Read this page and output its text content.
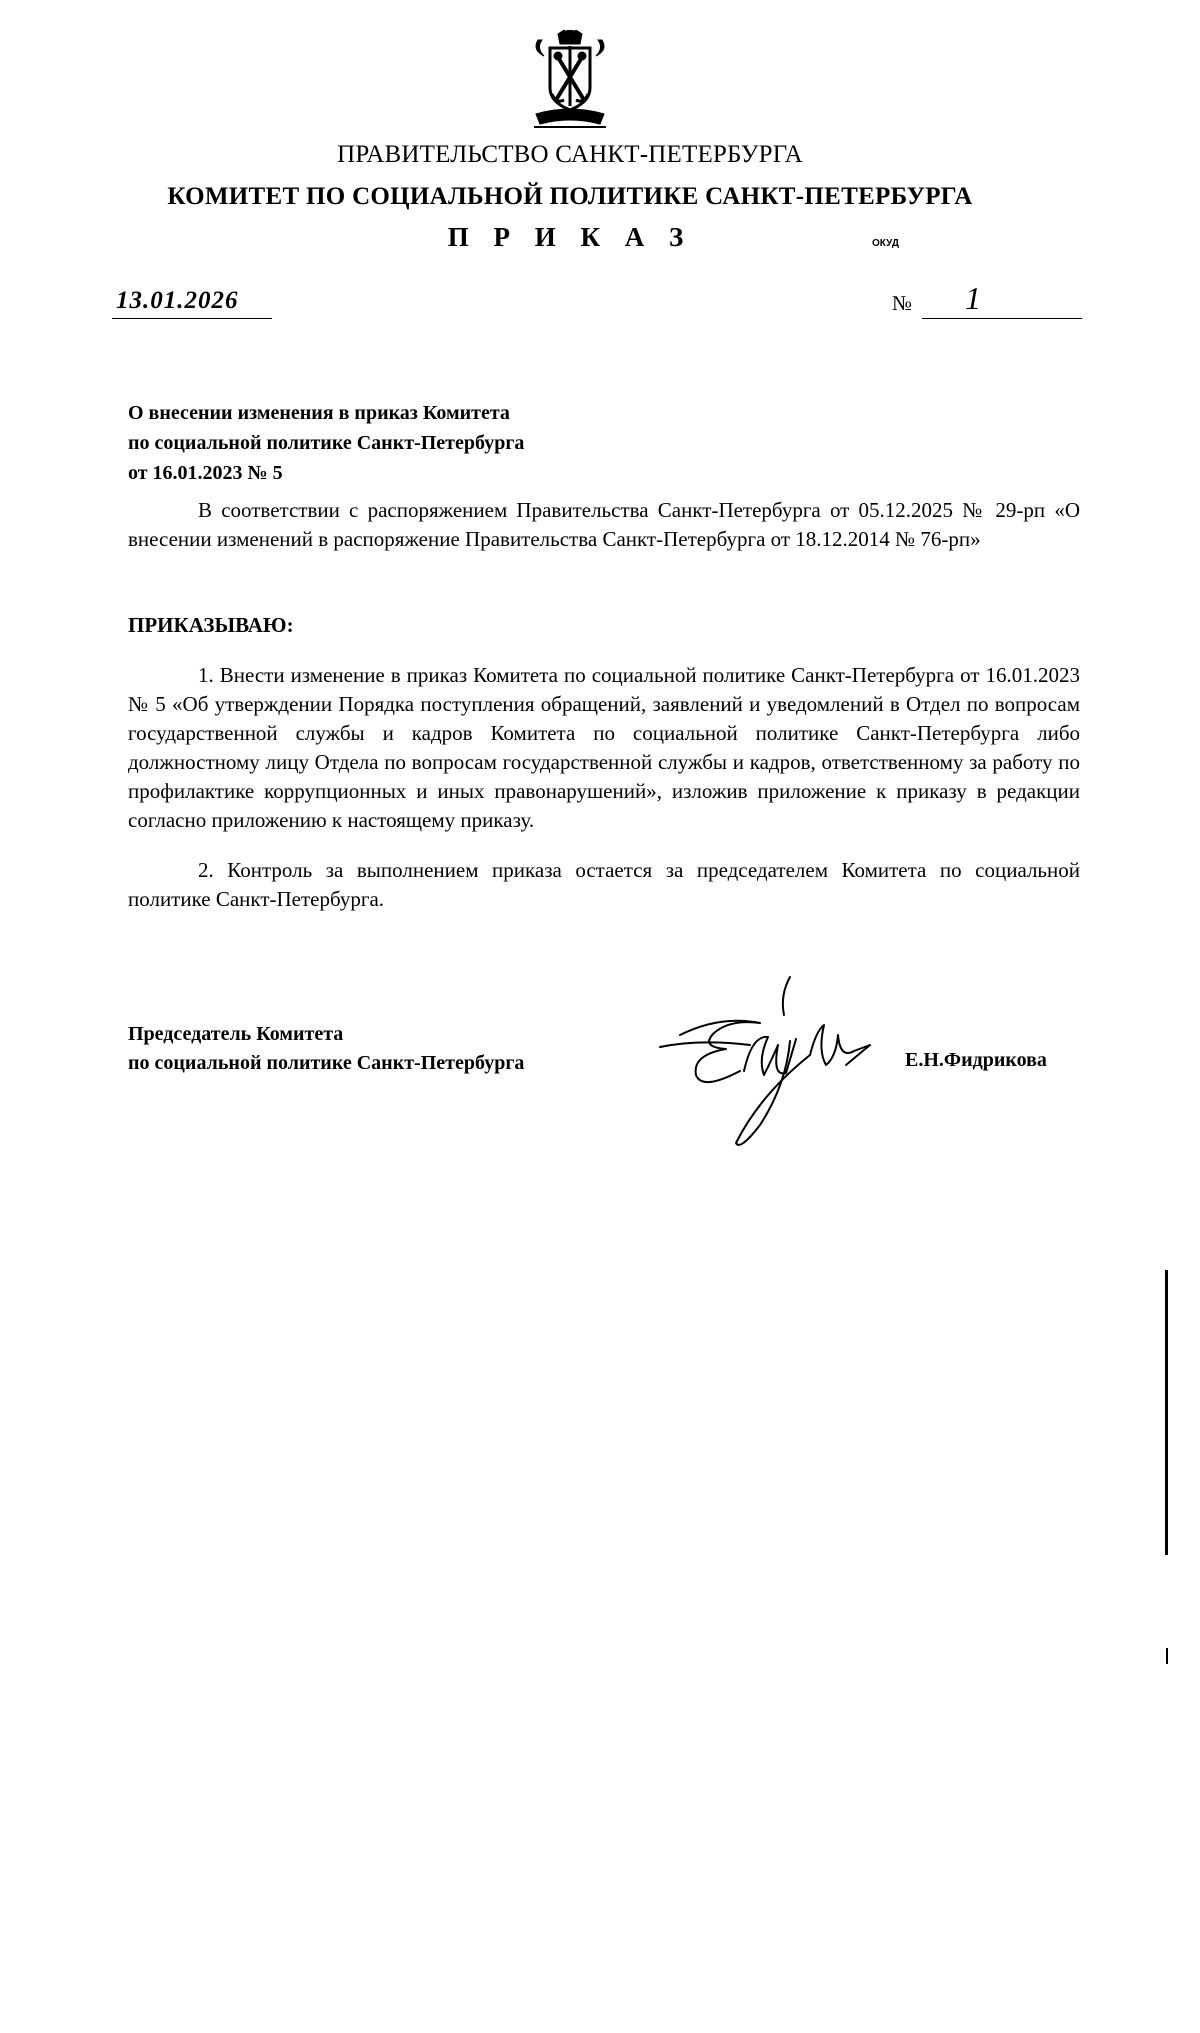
ПРАВИТЕЛЬСТВО САНКТ-ПЕТЕРБУРГА
КОМИТЕТ ПО СОЦИАЛЬНОЙ ПОЛИТИКЕ САНКТ-ПЕТЕРБУРГА
П Р И К А З	ОКУД
13.01.2026	№ 1
О внесении изменения в приказ Комитета
по социальной политике Санкт-Петербурга
от 16.01.2023 № 5
В соответствии с распоряжением Правительства Санкт-Петербурга от 05.12.2025 № 29-рп «О внесении изменений в распоряжение Правительства Санкт-Петербурга от 18.12.2014 № 76-рп»
ПРИКАЗЫВАЮ:
1. Внести изменение в приказ Комитета по социальной политике Санкт-Петербурга от 16.01.2023 № 5 «Об утверждении Порядка поступления обращений, заявлений и уведомлений в Отдел по вопросам государственной службы и кадров Комитета по социальной политике Санкт-Петербурга либо должностному лицу Отдела по вопросам государственной службы и кадров, ответственному за работу по профилактике коррупционных и иных правонарушений», изложив приложение к приказу в редакции согласно приложению к настоящему приказу.
2. Контроль за выполнением приказа остается за председателем Комитета по социальной политике Санкт-Петербурга.
Председатель Комитета
по социальной политике Санкт-Петербурга	Е.Н.Фидрикова
